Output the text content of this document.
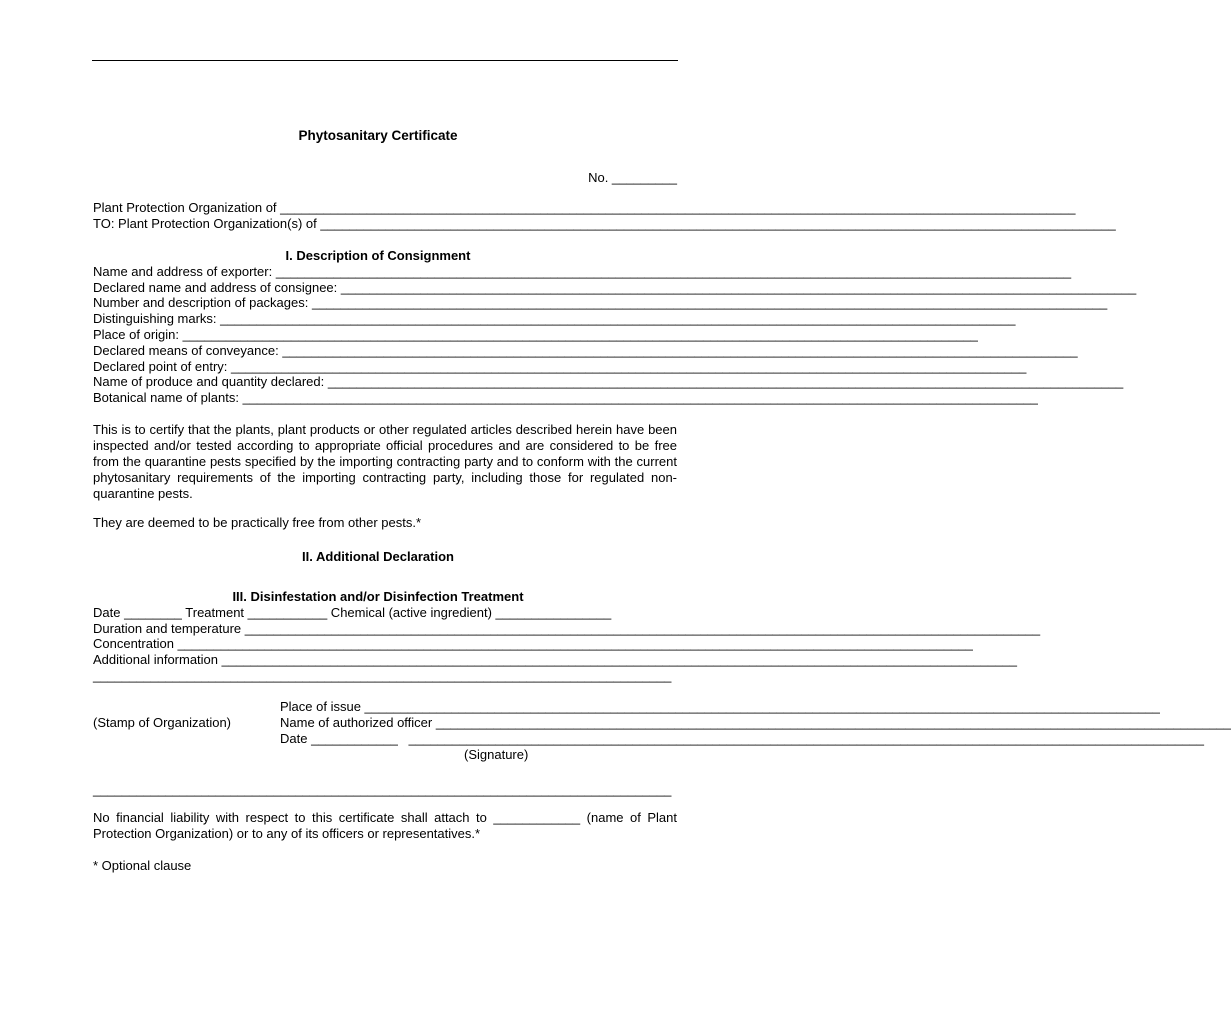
Phytosanitary Certificate
No. _________
Plant Protection Organization of ______________________________________________________________________________________________________________
TO: Plant Protection Organization(s) of ______________________________________________________________________________________________________________
I. Description of Consignment
Name and address of exporter: ______________________________________________________________________________________________________________
Declared name and address of consignee: ______________________________________________________________________________________________________________
Number and description of packages: ______________________________________________________________________________________________________________
Distinguishing marks: ______________________________________________________________________________________________________________
Place of origin: ______________________________________________________________________________________________________________
Declared means of conveyance: ______________________________________________________________________________________________________________
Declared point of entry: ______________________________________________________________________________________________________________
Name of produce and quantity declared: ______________________________________________________________________________________________________________
Botanical name of plants: ______________________________________________________________________________________________________________
This is to certify that the plants, plant products or other regulated articles described herein have been inspected and/or tested according to appropriate official procedures and are considered to be free from the quarantine pests specified by the importing contracting party and to conform with the current phytosanitary requirements of the importing contracting party, including those for regulated non-quarantine pests.
They are deemed to be practically free from other pests.*
II. Additional Declaration
III. Disinfestation and/or Disinfection Treatment
Date ________ Treatment ___________ Chemical (active ingredient) ________________
Duration and temperature ______________________________________________________________________________________________________________
Concentration ______________________________________________________________________________________________________________
Additional information ______________________________________________________________________________________________________________
________________________________________________________________________________
(Stamp of Organization)
Place of issue ______________________________________________________________________________________________________________
Name of authorized officer ______________________________________________________________________________________________________________
Date ____________ ______________________________________________________________________________________________________________
(Signature)
________________________________________________________________________________
No financial liability with respect to this certificate shall attach to ____________ (name of Plant Protection Organization) or to any of its officers or representatives.*
* Optional clause
